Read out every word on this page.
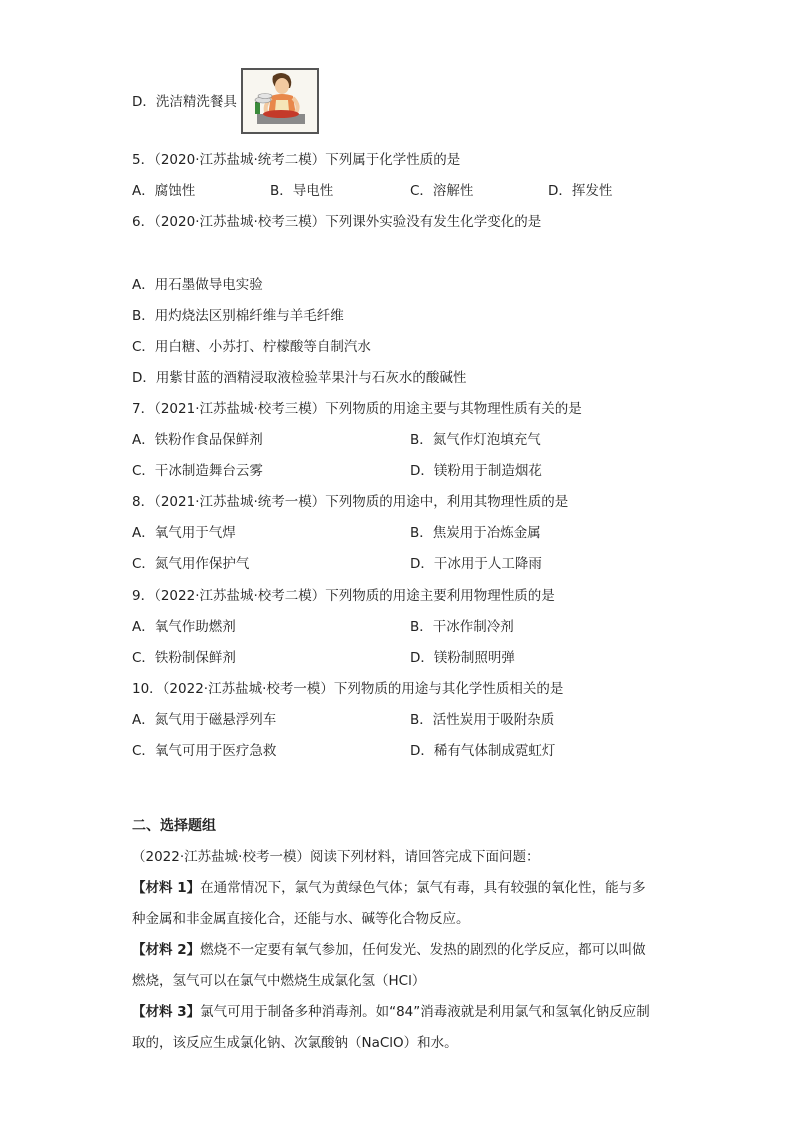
D．洗洁精洗餐具
5．（2020·江苏盐城·统考二模）下列属于化学性质的是
A．腐蚀性	B．导电性	C．溶解性	D．挥发性
6．（2020·江苏盐城·校考三模）下列课外实验没有发生化学变化的是
A．用石墨做导电实验
B．用灼烧法区别棉纤维与羊毛纤维
C．用白糖、小苏打、柠檬酸等自制汽水
D．用紫甘蓝的酒精浸取液检验苹果汁与石灰水的酸碱性
7．（2021·江苏盐城·校考三模）下列物质的用途主要与其物理性质有关的是
A．铁粉作食品保鲜剂	B．氮气作灯泡填充气
C．干冰制造舞台云雾	D．镁粉用于制造烟花
8．（2021·江苏盐城·统考一模）下列物质的用途中，利用其物理性质的是
A．氧气用于气焊	B．焦炭用于冶炼金属
C．氮气用作保护气	D．干冰用于人工降雨
9．（2022·江苏盐城·校考二模）下列物质的用途主要利用物理性质的是
A．氧气作助燃剂	B．干冰作制冷剂
C．铁粉制保鲜剂	D．镁粉制照明弹
10．（2022·江苏盐城·校考一模）下列物质的用途与其化学性质相关的是
A．氮气用于磁悬浮列车	B．活性炭用于吸附杂质
C．氧气可用于医疗急救	D．稀有气体制成霓虹灯
二、选择题组
（2022·江苏盐城·校考一模）阅读下列材料，请回答完成下面问题：
【材料 1】在通常情况下，氯气为黄绿色气体；氯气有毒，具有较强的氧化性，能与多
种金属和非金属直接化合，还能与水、碱等化合物反应。
【材料 2】燃烧不一定要有氧气参加，任何发光、发热的剧烈的化学反应，都可以叫做
燃烧，氢气可以在氯气中燃烧生成氯化氢（HCl）
【材料 3】氯气可用于制备多种消毒剂。如“84”消毒液就是利用氯气和氢氧化钠反应制
取的，该反应生成氯化钠、次氯酸钠（NaClO）和水。
